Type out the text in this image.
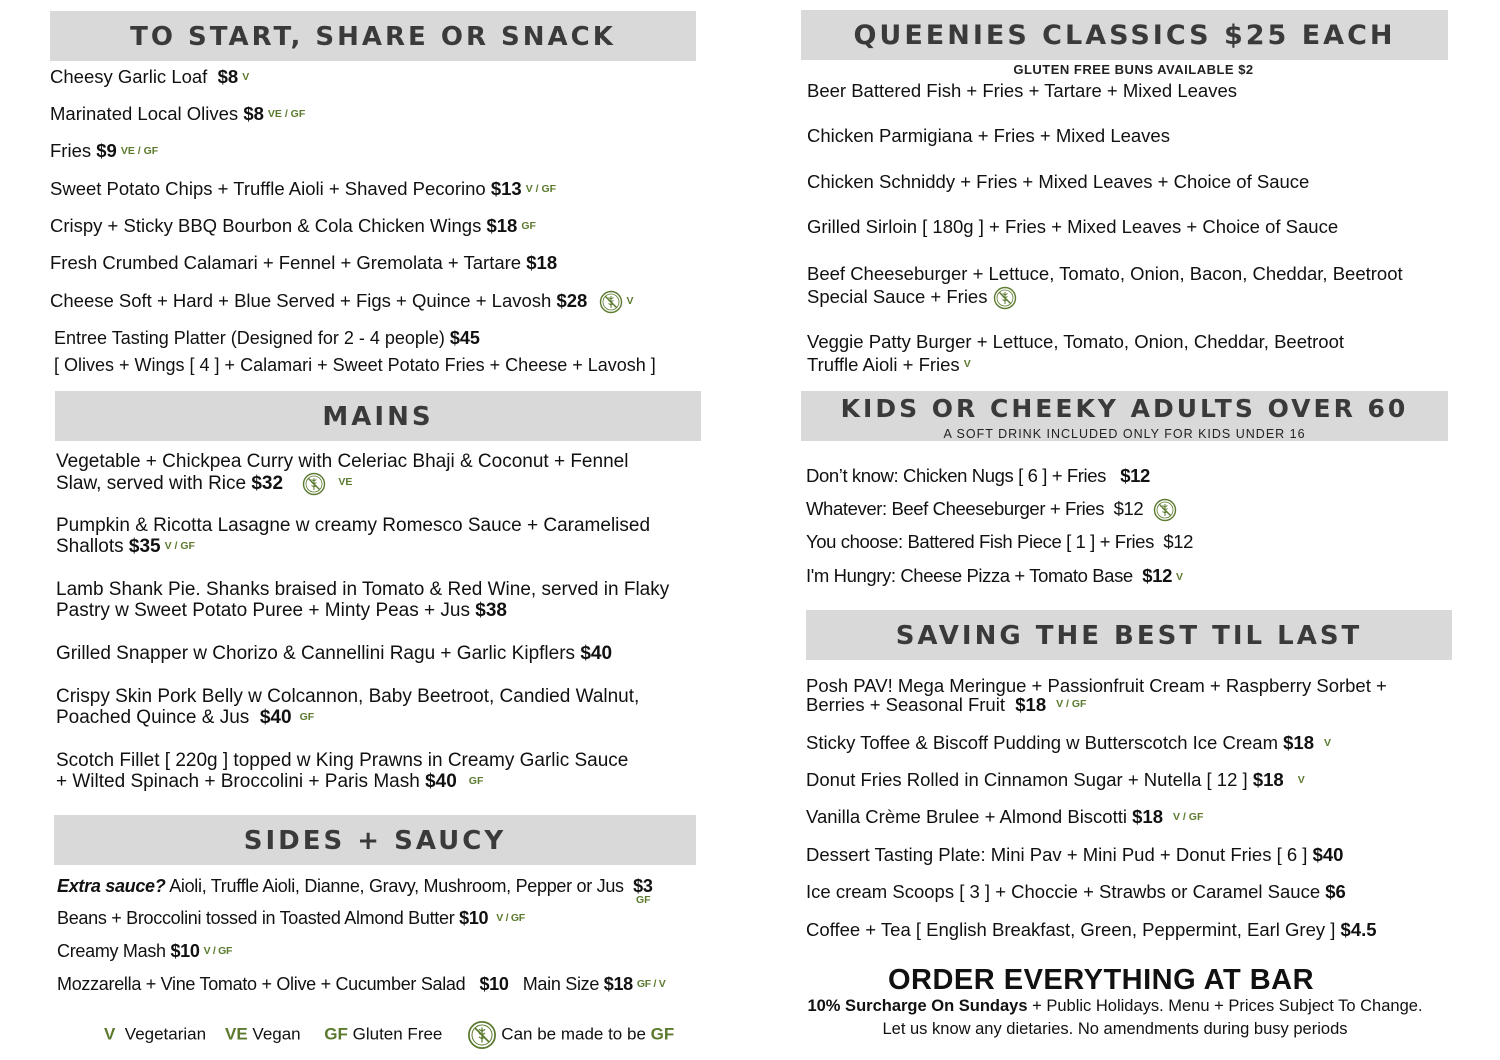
TO START, SHARE OR SNACK
Cheesy Garlic Loaf $8 $^V$
Marinated Local Olives $8 $^{VE / GF}$
Fries $9 $^{VE / GF}$
Sweet Potato Chips + Truffle Aioli + Shaved Pecorino $13 $^{V / GF}$
Crispy + Sticky BBQ Bourbon & Cola Chicken Wings $18 $^{GF}$
Fresh Crumbed Calamari + Fennel + Gremolata + Tartare $18
Cheese Soft + Hard + Blue Served + Figs + Quince + Lavosh $28	$^V$
Entree Tasting Platter (Designed for 2 - 4 people) $45
[ Olives + Wings [ 4 ] + Calamari + Sweet Potato Fries + Cheese + Lavosh ]
MAINS
Vegetable + Chickpea Curry with Celeriac Bhaji & Coconut + Fennel
Slaw, served with Rice $32	$^{VE}$
Pumpkin & Ricotta Lasagne w creamy Romesco Sauce + Caramelised
Shallots $35 $^{V / GF}$
Lamb Shank Pie. Shanks braised in Tomato & Red Wine, served in Flaky
Pastry w Sweet Potato Puree + Minty Peas + Jus $38
Grilled Snapper w Chorizo & Cannellini Ragu + Garlic Kipflers $40
Crispy Skin Pork Belly w Colcannon, Baby Beetroot, Candied Walnut,
Poached Quince & Jus $40 $^{GF}$
Scotch Fillet [ 220g ] topped w King Prawns in Creamy Garlic Sauce
+ Wilted Spinach + Broccolini + Paris Mash $40 $^{GF}$
SIDES + SAUCY
Extra sauce? Aioli, Truffle Aioli, Dianne, Gravy, Mushroom, Pepper or Jus $3
GF
Beans + Broccolini tossed in Toasted Almond Butter $10 $^{V / GF}$
Creamy Mash $10 $^{V / GF}$
Mozzarella + Vine Tomato + Olive + Cucumber Salad $10 Main Size $18 $^{GF / V}$
V Vegetarian VE Vegan GF Gluten Free	Can be made to be GF
QUEENIES CLASSICS $25 EACH
GLUTEN FREE BUNS AVAILABLE $2
Beer Battered Fish + Fries + Tartare + Mixed Leaves
Chicken Parmigiana + Fries + Mixed Leaves
Chicken Schniddy + Fries + Mixed Leaves + Choice of Sauce
Grilled Sirloin [ 180g ] + Fries + Mixed Leaves + Choice of Sauce
Beef Cheeseburger + Lettuce, Tomato, Onion, Bacon, Cheddar, Beetroot
Special Sauce + Fries
Veggie Patty Burger + Lettuce, Tomato, Onion, Cheddar, Beetroot
Truffle Aioli + Fries $^V$
KIDS OR CHEEKY ADULTS OVER 60
A SOFT DRINK INCLUDED ONLY FOR KIDS UNDER 16
Don’t know: Chicken Nugs [ 6 ] + Fries $12
Whatever: Beef Cheeseburger + Fries $12
You choose: Battered Fish Piece [ 1 ] + Fries $12
I'm Hungry: Cheese Pizza + Tomato Base $12 V
SAVING THE BEST TIL LAST
Posh PAV! Mega Meringue + Passionfruit Cream + Raspberry Sorbet +
Berries + Seasonal Fruit $18 $^{V / GF}$
Sticky Toffee & Biscoff Pudding w Butterscotch Ice Cream $18 $^V$
Donut Fries Rolled in Cinnamon Sugar + Nutella [ 12 ] $18 $^V$
Vanilla Crème Brulee + Almond Biscotti $18 $^{V / GF}$
Dessert Tasting Plate: Mini Pav + Mini Pud + Donut Fries [ 6 ] $40
Ice cream Scoops [ 3 ] + Choccie + Strawbs or Caramel Sauce $6
Coffee + Tea [ English Breakfast, Green, Peppermint, Earl Grey ] $4.5
ORDER EVERYTHING AT BAR
10% Surcharge On Sundays + Public Holidays. Menu + Prices Subject To Change.
Let us know any dietaries. No amendments during busy periods
